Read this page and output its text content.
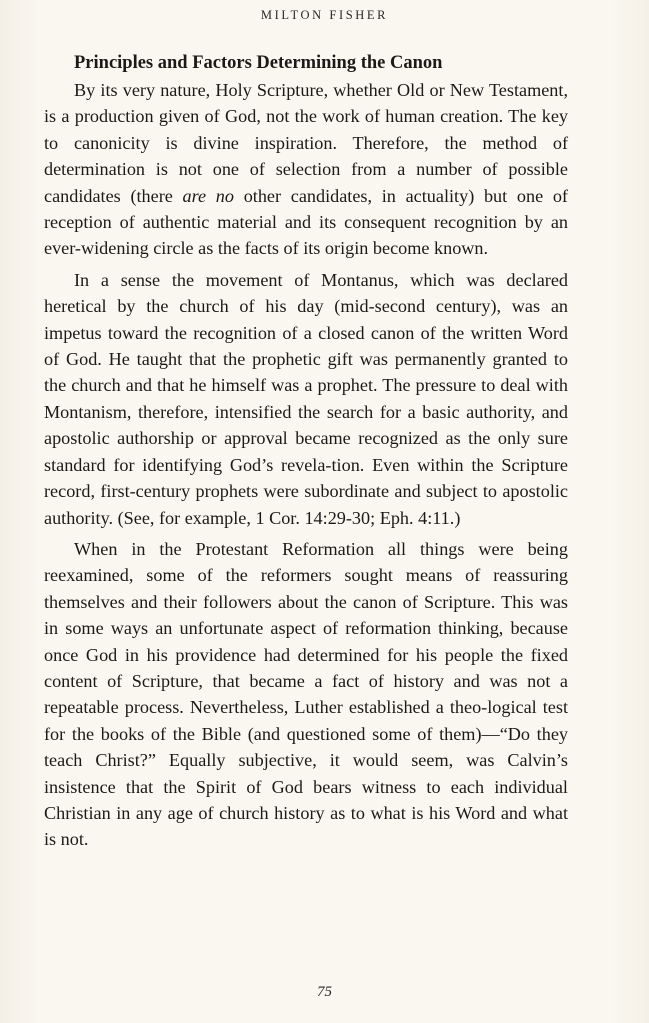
MILTON FISHER
Principles and Factors Determining the Canon

By its very nature, Holy Scripture, whether Old or New Testament, is a production given of God, not the work of human creation. The key to canonicity is divine inspiration. Therefore, the method of determination is not one of selection from a number of possible candidates (there are no other candidates, in actuality) but one of reception of authentic material and its consequent recognition by an ever-widening circle as the facts of its origin become known.

In a sense the movement of Montanus, which was declared heretical by the church of his day (mid-second century), was an impetus toward the recognition of a closed canon of the written Word of God. He taught that the prophetic gift was permanently granted to the church and that he himself was a prophet. The pressure to deal with Montanism, therefore, intensified the search for a basic authority, and apostolic authorship or approval became recognized as the only sure standard for identifying God’s revela-tion. Even within the Scripture record, first-century prophets were subordinate and subject to apostolic authority. (See, for example, 1 Cor. 14:29-30; Eph. 4:11.)

When in the Protestant Reformation all things were being reexamined, some of the reformers sought means of reassuring themselves and their followers about the canon of Scripture. This was in some ways an unfortunate aspect of reformation thinking, because once God in his providence had determined for his people the fixed content of Scripture, that became a fact of history and was not a repeatable process. Nevertheless, Luther established a theo-logical test for the books of the Bible (and questioned some of them)—“Do they teach Christ?” Equally subjective, it would seem, was Calvin’s insistence that the Spirit of God bears witness to each individual Christian in any age of church history as to what is his Word and what is not.

75
